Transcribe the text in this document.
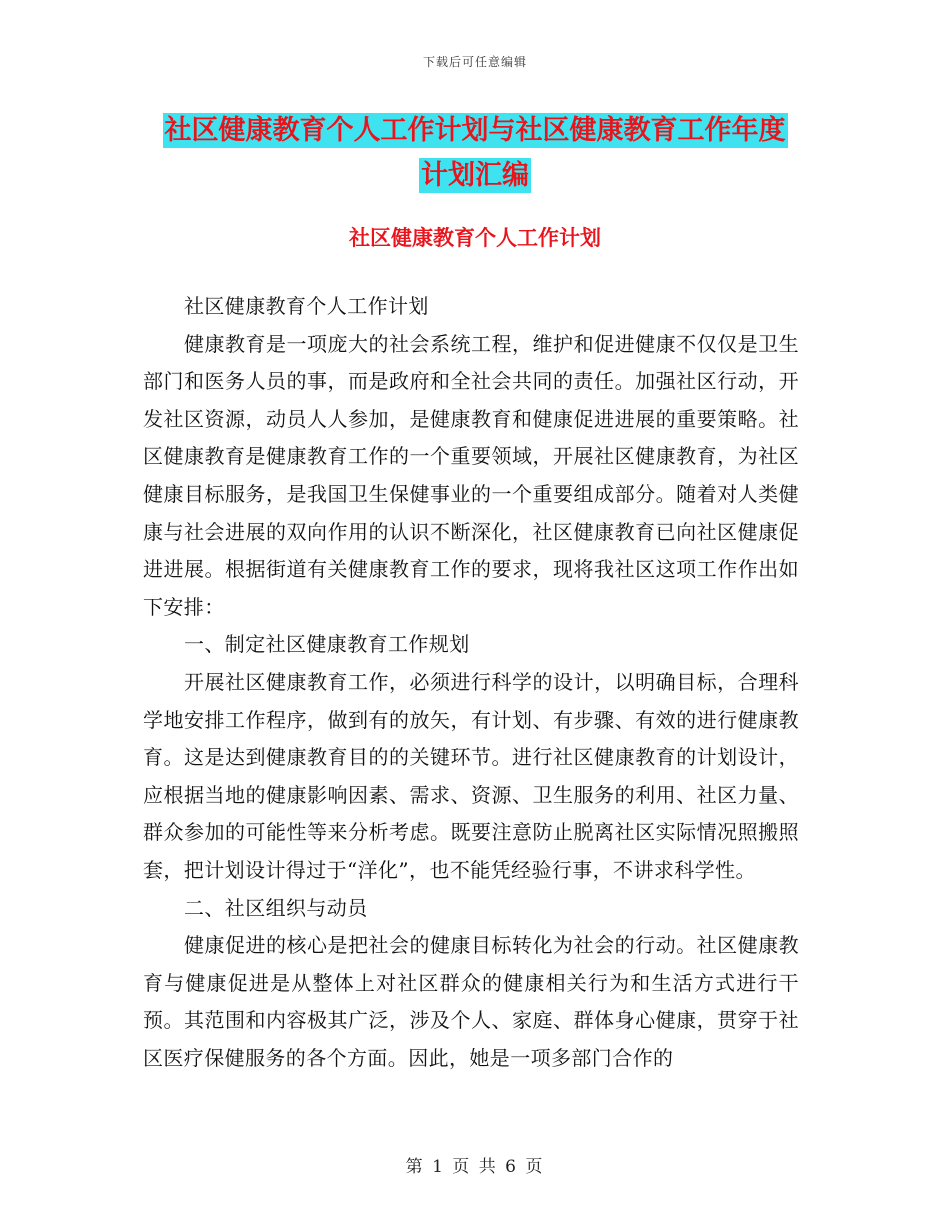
下载后可任意编辑
社区健康教育个人工作计划与社区健康教育工作年度
计划汇编
社区健康教育个人工作计划

社区健康教育个人工作计划

健康教育是一项庞大的社会系统工程，维护和促进健康不仅仅是卫生部门和医务人员的事，而是政府和全社会共同的责任。加强社区行动，开发社区资源，动员人人参加，是健康教育和健康促进进展的重要策略。社区健康教育是健康教育工作的一个重要领域，开展社区健康教育，为社区健康目标服务，是我国卫生保健事业的一个重要组成部分。随着对人类健康与社会进展的双向作用的认识不断深化，社区健康教育已向社区健康促进进展。根据街道有关健康教育工作的要求，现将我社区这项工作作出如下安排：

一、制定社区健康教育工作规划

开展社区健康教育工作，必须进行科学的设计，以明确目标，合理科学地安排工作程序，做到有的放矢，有计划、有步骤、有效的进行健康教育。这是达到健康教育目的的关键环节。进行社区健康教育的计划设计，应根据当地的健康影响因素、需求、资源、卫生服务的利用、社区力量、群众参加的可能性等来分析考虑。既要注意防止脱离社区实际情况照搬照套，把计划设计得过于“洋化”，也不能凭经验行事，不讲求科学性。

二、社区组织与动员

健康促进的核心是把社会的健康目标转化为社会的行动。社区健康教育与健康促进是从整体上对社区群众的健康相关行为和生活方式进行干预。其范围和内容极其广泛，涉及个人、家庭、群体身心健康，贯穿于社区医疗保健服务的各个方面。因此，她是一项多部门合作的

第 1 页 共 6 页
